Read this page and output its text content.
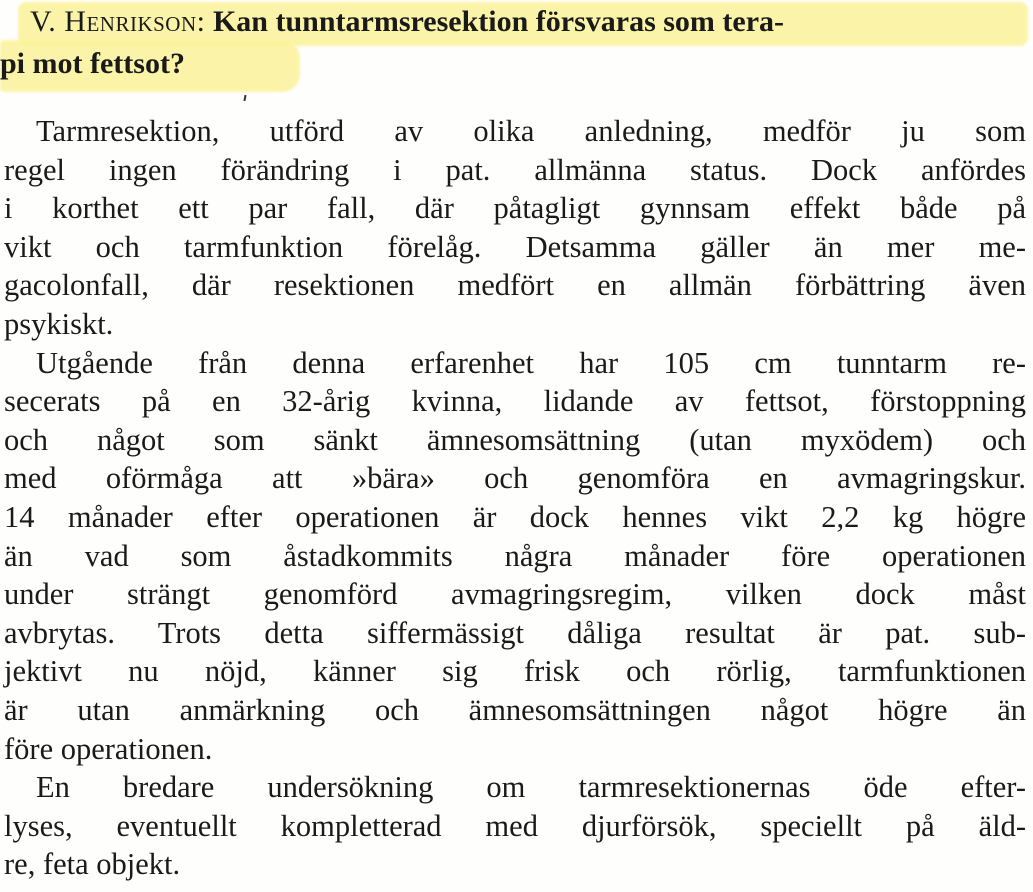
V. Henrikson: Kan tunntarmsresektion försvaras som tera-
pi mot fettsot?
Tarmresektion, utförd av olika anledning, medför ju som
regel ingen förändring i pat. allmänna status. Dock anfördes
i korthet ett par fall, där påtagligt gynnsam effekt både på
vikt och tarmfunktion förelåg. Detsamma gäller än mer me-
gacolonfall, där resektionen medfört en allmän förbättring även
psykiskt.
Utgående från denna erfarenhet har 105 cm tunntarm re-
secerats på en 32-årig kvinna, lidande av fettsot, förstoppning
och något som sänkt ämnesomsättning (utan myxödem) och
med oförmåga att »bära» och genomföra en avmagringskur.
14 månader efter operationen är dock hennes vikt 2,2 kg högre
än vad som åstadkommits några månader före operationen
under strängt genomförd avmagringsregim, vilken dock måst
avbrytas. Trots detta siffermässigt dåliga resultat är pat. sub-
jektivt nu nöjd, känner sig frisk och rörlig, tarmfunktionen
är utan anmärkning och ämnesomsättningen något högre än
före operationen.
En bredare undersökning om tarmresektionernas öde efter-
lyses, eventuellt kompletterad med djurförsök, speciellt på äld-
re, feta objekt.
